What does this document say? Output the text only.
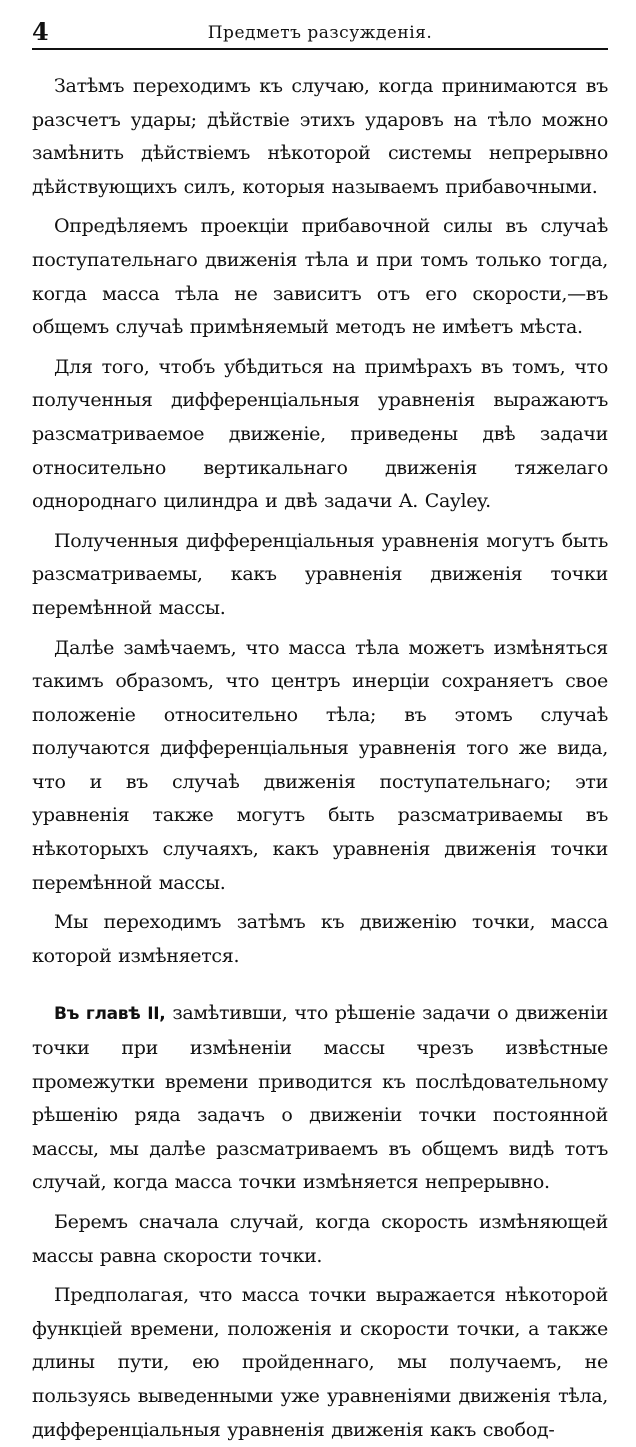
4	Предметъ разсужденія.

Затѣмъ переходимъ къ случаю, когда принимаются въ разсчетъ удары; дѣйствіе этихъ ударовъ на тѣло можно замѣнить дѣйствіемъ нѣкоторой системы непрерывно дѣйствующихъ силъ, которыя называемъ прибавочными.

Опредѣляемъ проекціи прибавочной силы въ случаѣ поступательнаго движенія тѣла и при томъ только тогда, когда масса тѣла не зависитъ отъ его скорости,—въ общемъ случаѣ примѣняемый методъ не имѣетъ мѣста.

Для того, чтобъ убѣдиться на примѣрахъ въ томъ, что полученныя дифференціальныя уравненія выражаютъ разсматриваемое движеніе, приведены двѣ задачи относительно вертикальнаго движенія тяжелаго однороднаго цилиндра и двѣ задачи A. Cayley.

Полученныя дифференціальныя уравненія могутъ быть разсматриваемы, какъ уравненія движенія точки перемѣнной массы.

Далѣе замѣчаемъ, что масса тѣла можетъ измѣняться такимъ образомъ, что центръ инерціи сохраняетъ свое положеніе относительно тѣла; въ этомъ случаѣ получаются дифференціальныя уравненія того же вида, что и въ случаѣ движенія поступательнаго; эти уравненія также могутъ быть разсматриваемы въ нѣкоторыхъ случаяхъ, какъ уравненія движенія точки перемѣнной массы.

Мы переходимъ затѣмъ къ движенію точки, масса которой измѣняется.

Въ главѣ II, замѣтивши, что рѣшеніе задачи о движеніи точки при измѣненіи массы чрезъ извѣстные промежутки времени приводится къ послѣдовательному рѣшенію ряда задачъ о движеніи точки постоянной массы, мы далѣе разсматриваемъ въ общемъ видѣ тотъ случай, когда масса точки измѣняется непрерывно.

Беремъ сначала случай, когда скорость измѣняющей массы равна скорости точки.

Предполагая, что масса точки выражается нѣкоторой функціей времени, положенія и скорости точки, а также длины пути, ею пройденнаго, мы получаемъ, не пользуясь выведенными уже уравненіями движенія тѣла, дифференціальныя уравненія движенія какъ свобод-
